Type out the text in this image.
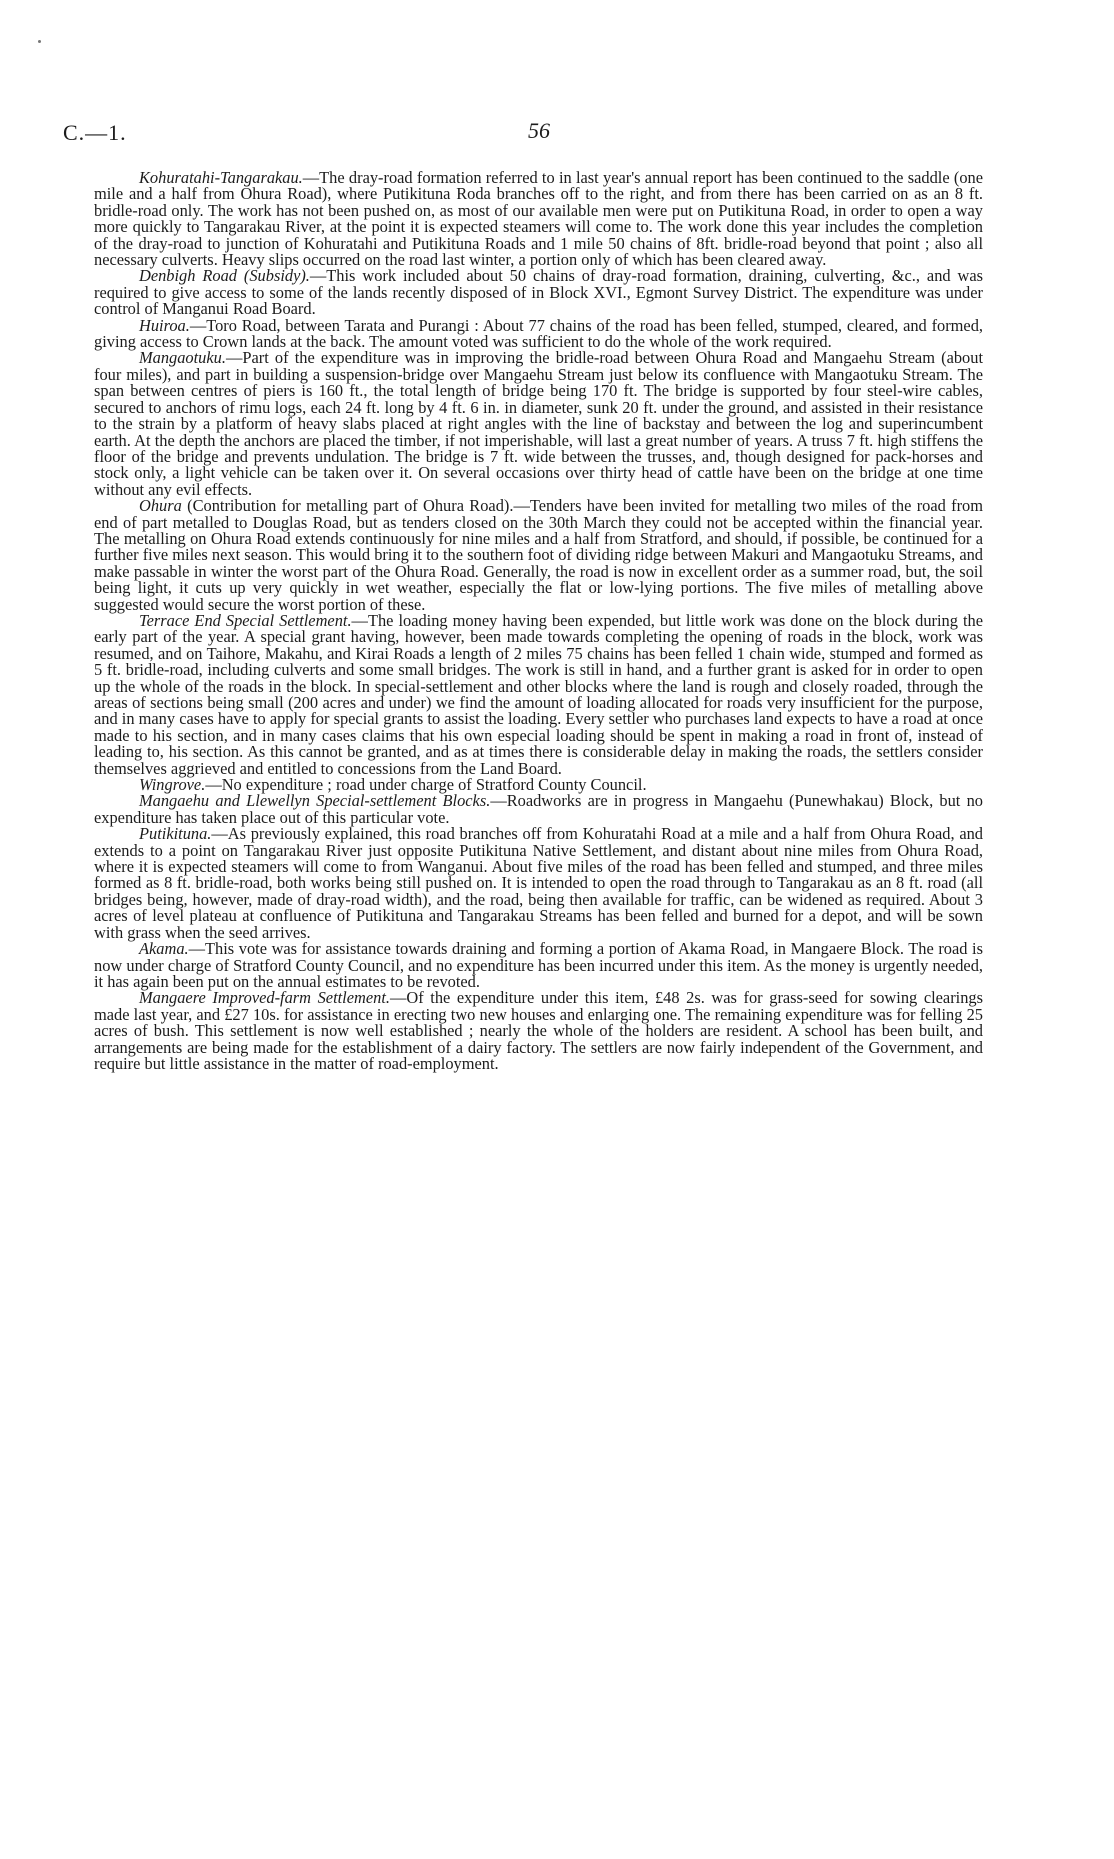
C.—1.	56

Kohuratahi-Tangarakau.—The dray-road formation referred to in last year's annual report has been continued to the saddle (one mile and a half from Ohura Road), where Putikituna Roda branches off to the right, and from there has been carried on as an 8 ft. bridle-road only. The work has not been pushed on, as most of our available men were put on Putikituna Road, in order to open a way more quickly to Tangarakau River, at the point it is expected steamers will come to. The work done this year includes the completion of the dray-road to junction of Kohuratahi and Putikituna Roads and 1 mile 50 chains of 8ft. bridle-road beyond that point ; also all necessary culverts. Heavy slips occurred on the road last winter, a portion only of which has been cleared away.

Denbigh Road (Subsidy).—This work included about 50 chains of dray-road formation, draining, culverting, &c., and was required to give access to some of the lands recently disposed of in Block XVI., Egmont Survey District. The expenditure was under control of Manganui Road Board.

Huiroa.—Toro Road, between Tarata and Purangi : About 77 chains of the road has been felled, stumped, cleared, and formed, giving access to Crown lands at the back. The amount voted was sufficient to do the whole of the work required.

Mangaotuku.—Part of the expenditure was in improving the bridle-road between Ohura Road and Mangaehu Stream (about four miles), and part in building a suspension-bridge over Mangaehu Stream just below its confluence with Mangaotuku Stream. The span between centres of piers is 160 ft., the total length of bridge being 170 ft. The bridge is supported by four steel-wire cables, secured to anchors of rimu logs, each 24 ft. long by 4 ft. 6 in. in diameter, sunk 20 ft. under the ground, and assisted in their resistance to the strain by a platform of heavy slabs placed at right angles with the line of backstay and between the log and superincumbent earth. At the depth the anchors are placed the timber, if not imperishable, will last a great number of years. A truss 7 ft. high stiffens the floor of the bridge and prevents undulation. The bridge is 7 ft. wide between the trusses, and, though designed for pack-horses and stock only, a light vehicle can be taken over it. On several occasions over thirty head of cattle have been on the bridge at one time without any evil effects.

Ohura (Contribution for metalling part of Ohura Road).—Tenders have been invited for metalling two miles of the road from end of part metalled to Douglas Road, but as tenders closed on the 30th March they could not be accepted within the financial year. The metalling on Ohura Road extends continuously for nine miles and a half from Stratford, and should, if possible, be continued for a further five miles next season. This would bring it to the southern foot of dividing ridge between Makuri and Mangaotuku Streams, and make passable in winter the worst part of the Ohura Road. Generally, the road is now in excellent order as a summer road, but, the soil being light, it cuts up very quickly in wet weather, especially the flat or low-lying portions. The five miles of metalling above suggested would secure the worst portion of these.

Terrace End Special Settlement.—The loading money having been expended, but little work was done on the block during the early part of the year. A special grant having, however, been made towards completing the opening of roads in the block, work was resumed, and on Taihore, Makahu, and Kirai Roads a length of 2 miles 75 chains has been felled 1 chain wide, stumped and formed as 5 ft. bridle-road, including culverts and some small bridges. The work is still in hand, and a further grant is asked for in order to open up the whole of the roads in the block. In special-settlement and other blocks where the land is rough and closely roaded, through the areas of sections being small (200 acres and under) we find the amount of loading allocated for roads very insufficient for the purpose, and in many cases have to apply for special grants to assist the loading. Every settler who purchases land expects to have a road at once made to his section, and in many cases claims that his own especial loading should be spent in making a road in front of, instead of leading to, his section. As this cannot be granted, and as at times there is considerable delay in making the roads, the settlers consider themselves aggrieved and entitled to concessions from the Land Board.

Wingrove.—No expenditure ; road under charge of Stratford County Council.

Mangaehu and Llewellyn Special-settlement Blocks.—Roadworks are in progress in Mangaehu (Punewhakau) Block, but no expenditure has taken place out of this particular vote.

Putikituna.—As previously explained, this road branches off from Kohuratahi Road at a mile and a half from Ohura Road, and extends to a point on Tangarakau River just opposite Putikituna Native Settlement, and distant about nine miles from Ohura Road, where it is expected steamers will come to from Wanganui. About five miles of the road has been felled and stumped, and three miles formed as 8 ft. bridle-road, both works being still pushed on. It is intended to open the road through to Tangarakau as an 8 ft. road (all bridges being, however, made of dray-road width), and the road, being then available for traffic, can be widened as required. About 3 acres of level plateau at confluence of Putikituna and Tangarakau Streams has been felled and burned for a depot, and will be sown with grass when the seed arrives.

Akama.—This vote was for assistance towards draining and forming a portion of Akama Road, in Mangaere Block. The road is now under charge of Stratford County Council, and no expenditure has been incurred under this item. As the money is urgently needed, it has again been put on the annual estimates to be revoted.

Mangaere Improved-farm Settlement.—Of the expenditure under this item, £48 2s. was for grass-seed for sowing clearings made last year, and £27 10s. for assistance in erecting two new houses and enlarging one. The remaining expenditure was for felling 25 acres of bush. This settlement is now well established ; nearly the whole of the holders are resident. A school has been built, and arrangements are being made for the establishment of a dairy factory. The settlers are now fairly independent of the Government, and require but little assistance in the matter of road-employment.
